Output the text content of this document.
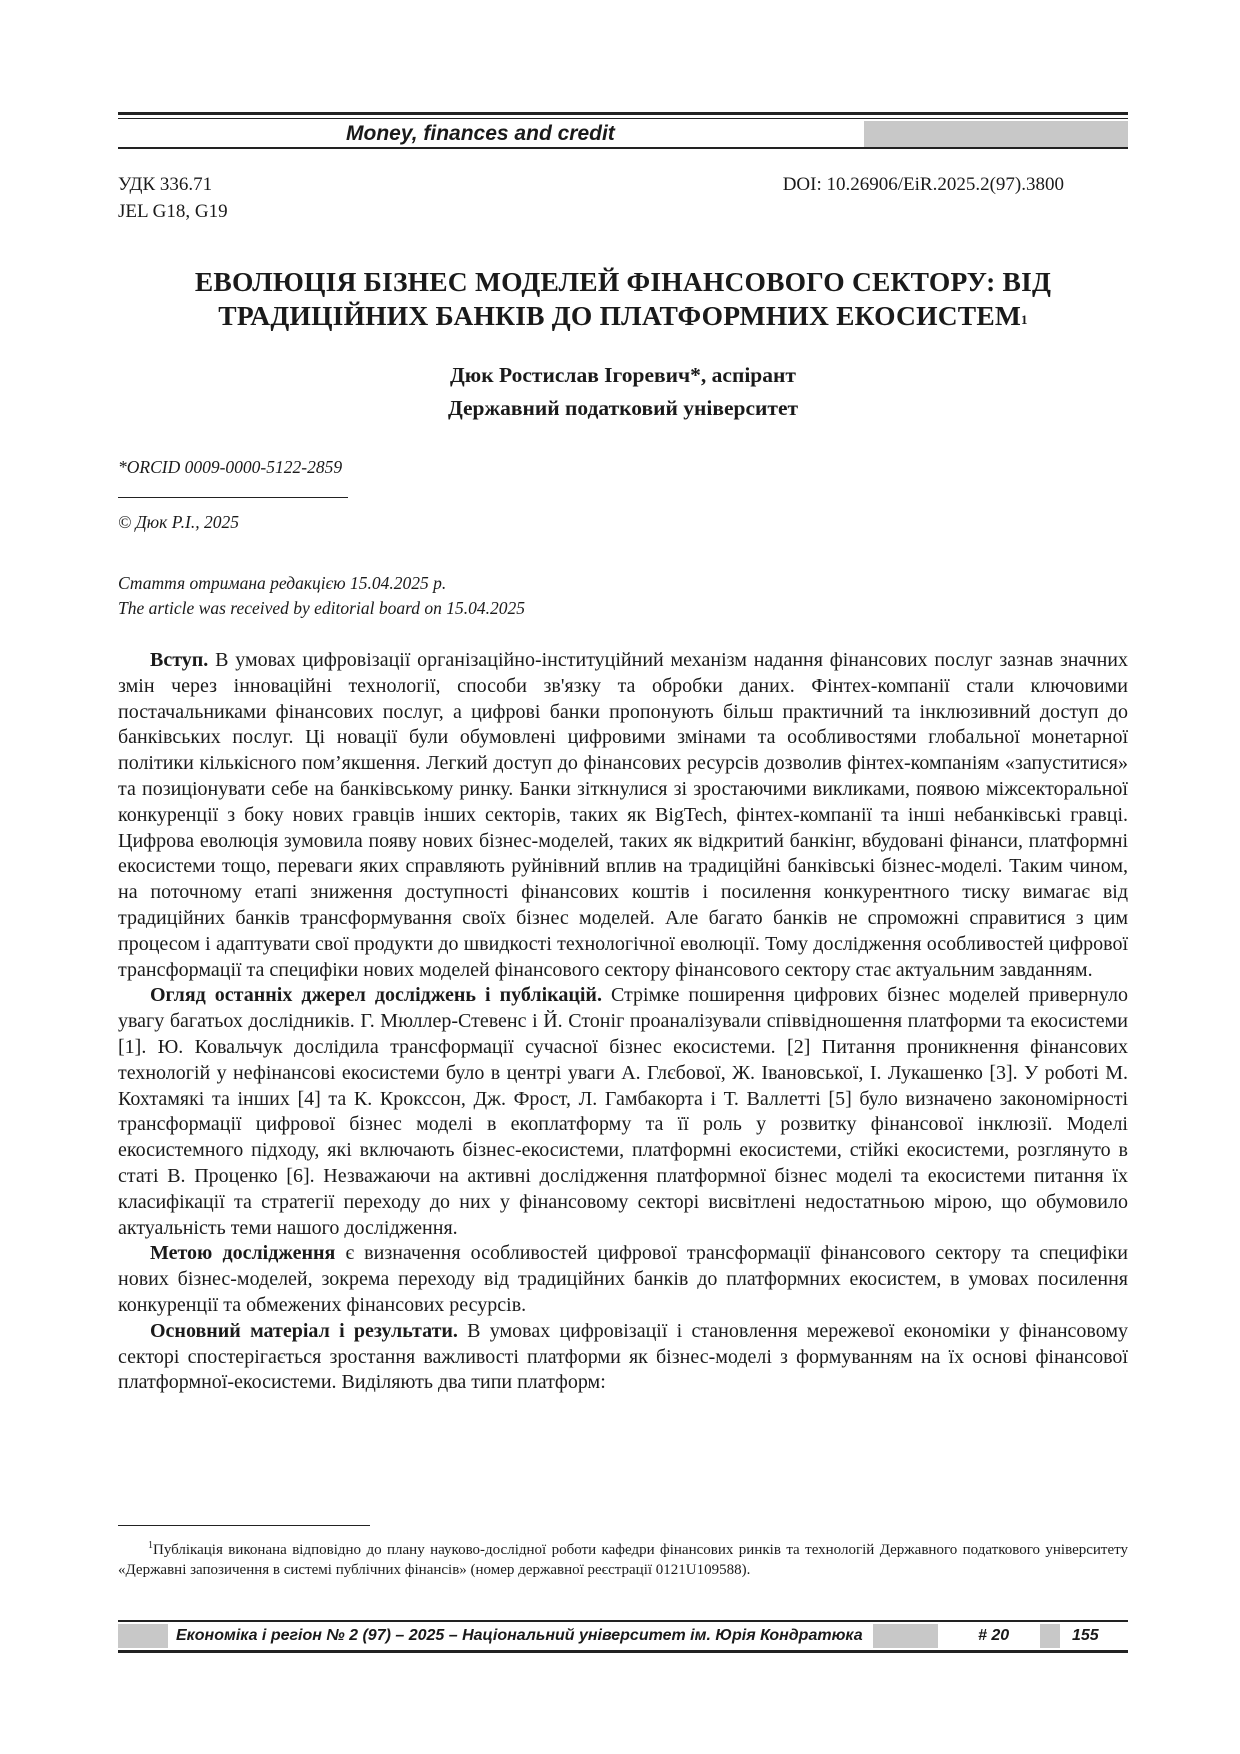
Money, finances and credit
УДК 336.71
JEL G18, G19
DOI: 10.26906/EiR.2025.2(97).3800
ЕВОЛЮЦІЯ БІЗНЕС МОДЕЛЕЙ ФІНАНСОВОГО СЕКТОРУ: ВІД
ТРАДИЦІЙНИХ БАНКІВ ДО ПЛАТФОРМНИХ ЕКОСИСТЕМ$^1$
Дюк Ростислав Ігоревич*, аспірант
Державний податковий університет
*ORCID 0009-0000-5122-2859
© Дюк Р.І., 2025
Стаття отримана редакцією 15.04.2025 р.
The article was received by editorial board on 15.04.2025

Вступ. В умовах цифровізації організаційно-інституційний механізм надання фінансових послуг зазнав значних змін через інноваційні технології, способи зв'язку та обробки даних. Фінтех-компанії стали ключовими постачальниками фінансових послуг, а цифрові банки пропонують більш практичний та інклюзивний доступ до банківських послуг. Ці новації були обумовлені цифровими змінами та особливостями глобальної монетарної політики кількісного пом’якшення. Легкий доступ до фінансових ресурсів дозволив фінтех-компаніям «запуститися» та позиціонувати себе на банківському ринку. Банки зіткнулися зі зростаючими викликами, появою міжсекторальної конкуренції з боку нових гравців інших секторів, таких як BigTech, фінтех-компанії та інші небанківські гравці. Цифрова еволюція зумовила появу нових бізнес-моделей, таких як відкритий банкінг, вбудовані фінанси, платформні екосистеми тощо, переваги яких справляють руйнівний вплив на традиційні банківські бізнес-моделі. Таким чином, на поточному етапі зниження доступності фінансових коштів і посилення конкурентного тиску вимагає від традиційних банків трансформування своїх бізнес моделей. Але багато банків не спроможні справитися з цим процесом і адаптувати свої продукти до швидкості технологічної еволюції. Тому дослідження особливостей цифрової трансформації та специфіки нових моделей фінансового сектору фінансового сектору стає актуальним завданням.

Огляд останніх джерел досліджень і публікацій. Стрімке поширення цифрових бізнес моделей привернуло увагу багатьох дослідників. Г. Мюллер-Стевенс і Й. Стоніг проаналізували співвідношення платформи та екосистеми [1]. Ю. Ковальчук дослідила трансформації сучасної бізнес екосистеми. [2] Питання проникнення фінансових технологій у нефінансові екосистеми було в центрі уваги А. Глєбової, Ж. Івановської, І. Лукашенко [3]. У роботі М. Кохтамякі та інших [4] та К. Крокссон, Дж. Фрост, Л. Гамбакорта і Т. Валлетті [5] було визначено закономірності трансформації цифрової бізнес моделі в екоплатформу та її роль у розвитку фінансової інклюзії. Моделі екосистемного підходу, які включають бізнес-екосистеми, платформні екосистеми, стійкі екосистеми, розглянуто в статі В. Проценко [6]. Незважаючи на активні дослідження платформної бізнес моделі та екосистеми питання їх класифікації та стратегії переходу до них у фінансовому секторі висвітлені недостатньою мірою, що обумовило актуальність теми нашого дослідження.

Метою дослідження є визначення особливостей цифрової трансформації фінансового сектору та специфіки нових бізнес-моделей, зокрема переходу від традиційних банків до платформних екосистем, в умовах посилення конкуренції та обмежених фінансових ресурсів.

Основний матеріал і результати. В умовах цифровізації і становлення мережевої економіки у фінансовому секторі спостерігається зростання важливості платформи як бізнес-моделі з формуванням на їх основі фінансової платформної-екосистеми. Виділяють два типи платформ:

$^1$Публікація виконана відповідно до плану науково-дослідної роботи кафедри фінансових ринків та технологій Державного податкового університету «Державні запозичення в системі публічних фінансів» (номер державної реєстрації 0121U109588).

Економіка і регіон № 2 (97) – 2025 – Національний університет ім. Юрія Кондратюка	# 20	155
